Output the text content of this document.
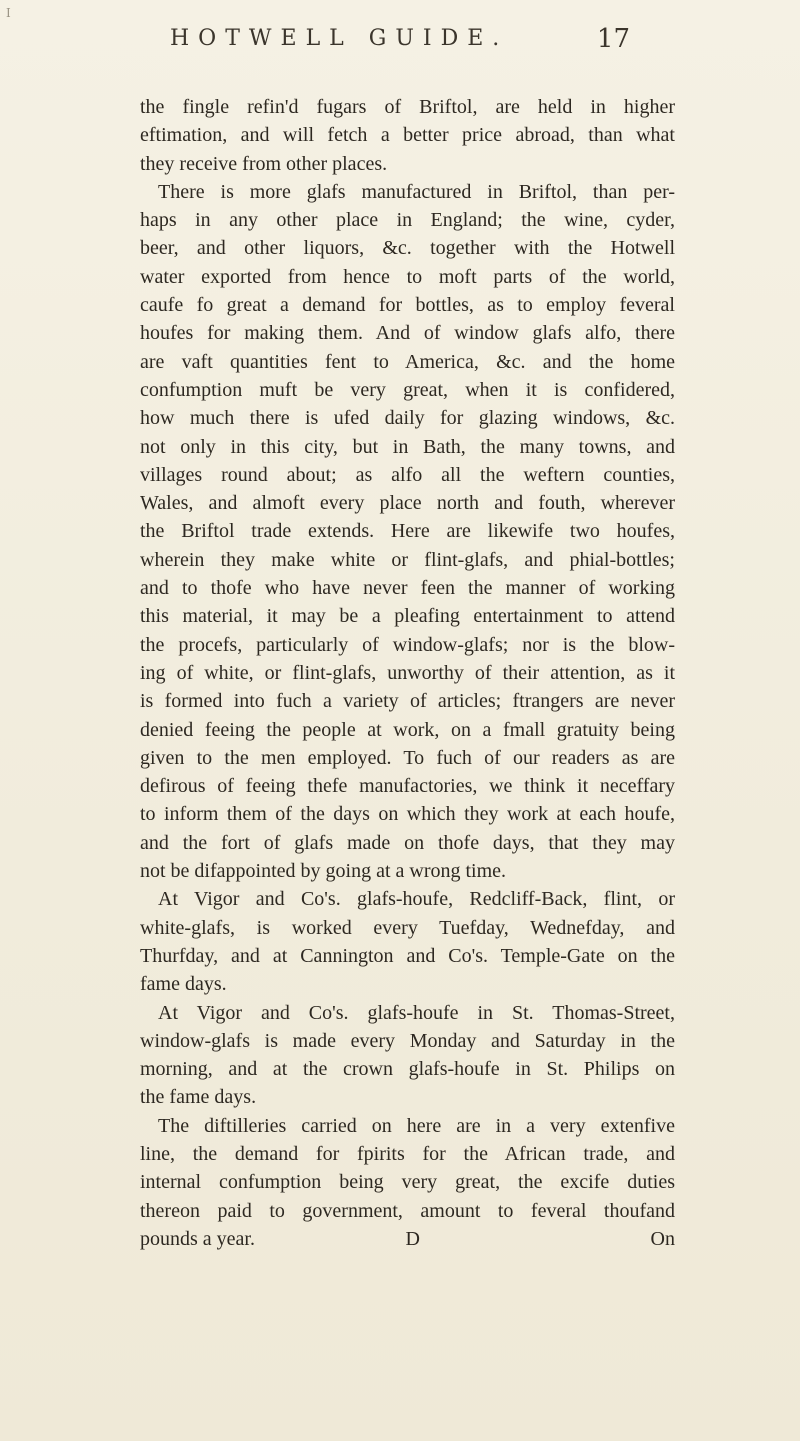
I
HOTWELL GUIDE.	17
the fingle refin'd fugars of Briftol, are held in higher
eftimation, and will fetch a better price abroad, than what
they receive from other places.
There is more glafs manufactured in Briftol, than per-
haps in any other place in England; the wine, cyder,
beer, and other liquors, &c. together with the Hotwell
water exported from hence to moft parts of the world,
caufe fo great a demand for bottles, as to employ feveral
houfes for making them. And of window glafs alfo, there
are vaft quantities fent to America, &c. and the home
confumption muft be very great, when it is confidered,
how much there is ufed daily for glazing windows, &c.
not only in this city, but in Bath, the many towns, and
villages round about; as alfo all the weftern counties,
Wales, and almoft every place north and fouth, wherever
the Briftol trade extends. Here are likewife two houfes,
wherein they make white or flint-glafs, and phial-bottles;
and to thofe who have never feen the manner of working
this material, it may be a pleafing entertainment to attend
the procefs, particularly of window-glafs; nor is the blow-
ing of white, or flint-glafs, unworthy of their attention, as it
is formed into fuch a variety of articles; ftrangers are never
denied feeing the people at work, on a fmall gratuity being
given to the men employed. To fuch of our readers as are
defirous of feeing thefe manufactories, we think it neceffary
to inform them of the days on which they work at each houfe,
and the fort of glafs made on thofe days, that they may
not be difappointed by going at a wrong time.
At Vigor and Co's. glafs-houfe, Redcliff-Back, flint, or
white-glafs, is worked every Tuefday, Wednefday, and
Thurfday, and at Cannington and Co's. Temple-Gate on the
fame days.
At Vigor and Co's. glafs-houfe in St. Thomas-Street,
window-glafs is made every Monday and Saturday in the
morning, and at the crown glafs-houfe in St. Philips on
the fame days.
The diftilleries carried on here are in a very extenfive
line, the demand for fpirits for the African trade, and
internal confumption being very great, the excife duties
thereon paid to government, amount to feveral thoufand
pounds a year.	D	On
